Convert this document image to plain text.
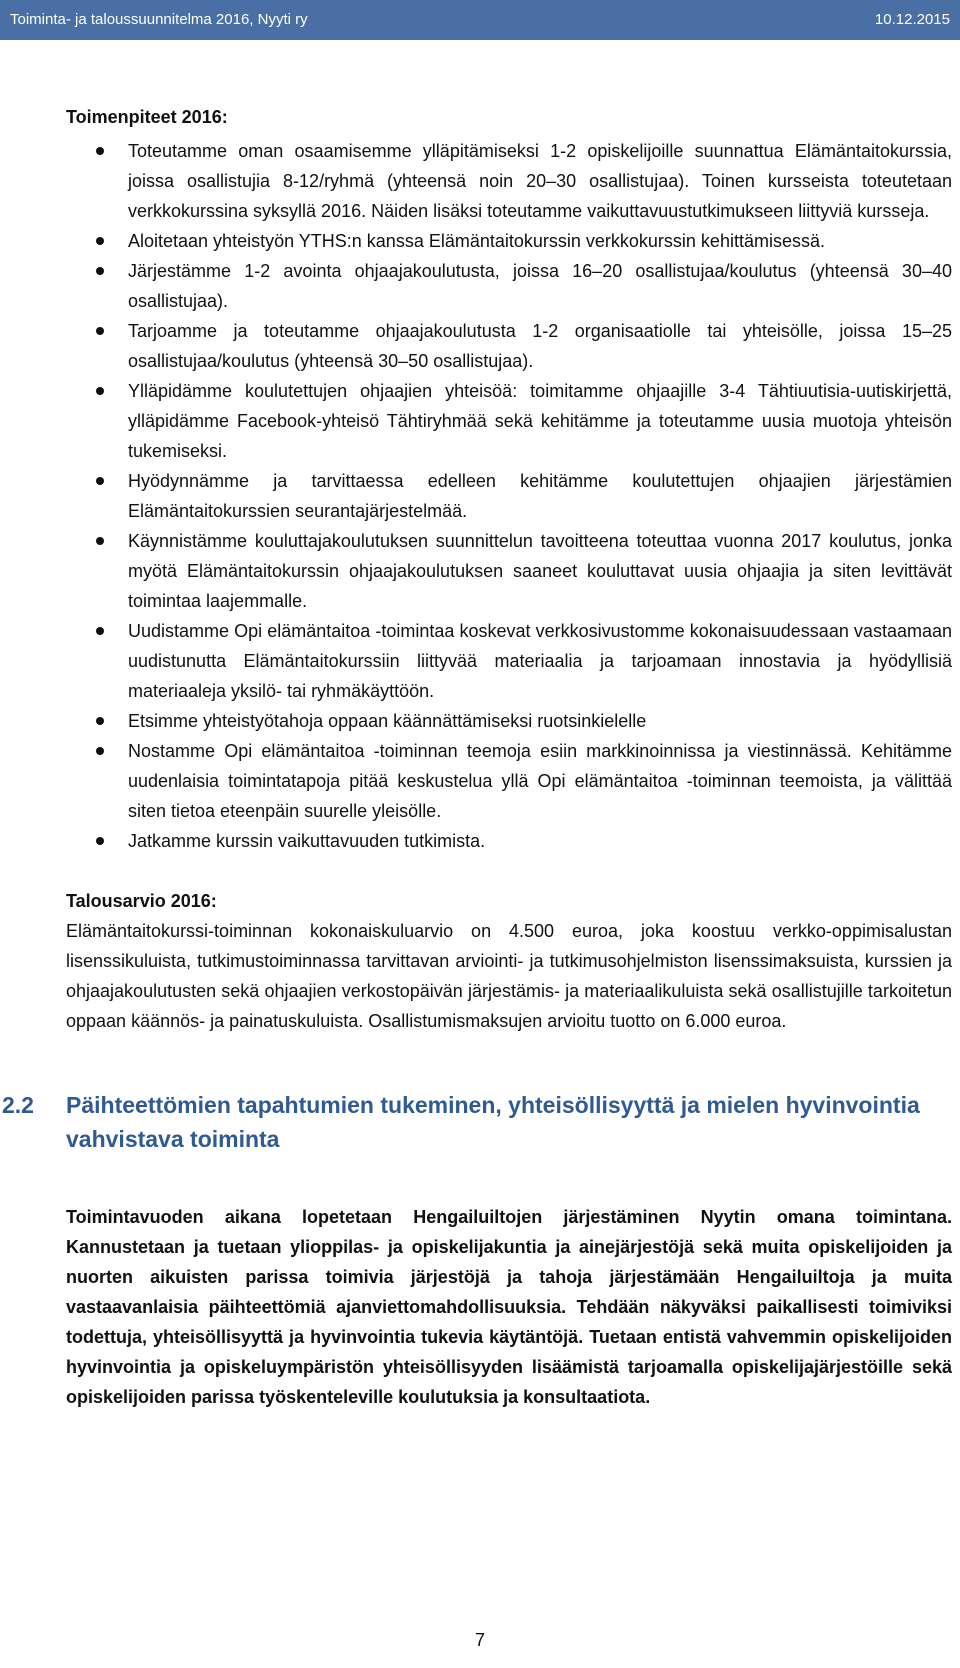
Toiminta- ja taloussuunnitelma 2016, Nyyti ry	10.12.2015

Toimenpiteet 2016:

Toteutamme oman osaamisemme ylläpitämiseksi 1-2 opiskelijoille suunnattua Elämäntaitokurssia, joissa osallistujia 8-12/ryhmä (yhteensä noin 20–30 osallistujaa). Toinen kursseista toteutetaan verkkokurssina syksyllä 2016. Näiden lisäksi toteutamme vaikuttavuustutkimukseen liittyviä kursseja.
Aloitetaan yhteistyön YTHS:n kanssa Elämäntaitokurssin verkkokurssin kehittämisessä.
Järjestämme 1-2 avointa ohjaajakoulutusta, joissa 16–20 osallistujaa/koulutus (yhteensä 30–40 osallistujaa).
Tarjoamme ja toteutamme ohjaajakoulutusta 1-2 organisaatiolle tai yhteisölle, joissa 15–25 osallistujaa/koulutus (yhteensä 30–50 osallistujaa).
Ylläpidämme koulutettujen ohjaajien yhteisöä: toimitamme ohjaajille 3-4 Tähtiuutisia-uutiskirjettä, ylläpidämme Facebook-yhteisö Tähtiryhmää sekä kehitämme ja toteutamme uusia muotoja yhteisön tukemiseksi.
Hyödynnämme ja tarvittaessa edelleen kehitämme koulutettujen ohjaajien järjestämien Elämäntaitokurssien seurantajärjestelmää.
Käynnistämme kouluttajakoulutuksen suunnittelun tavoitteena toteuttaa vuonna 2017 koulutus, jonka myötä Elämäntaitokurssin ohjaajakoulutuksen saaneet kouluttavat uusia ohjaajia ja siten levittävät toimintaa laajemmalle.
Uudistamme Opi elämäntaitoa -toimintaa koskevat verkkosivustomme kokonaisuudessaan vastaamaan uudistunutta Elämäntaitokurssiin liittyvää materiaalia ja tarjoamaan innostavia ja hyödyllisiä materiaaleja yksilö- tai ryhmäkäyttöön.
Etsimme yhteistyötahoja oppaan käännättämiseksi ruotsinkielelle
Nostamme Opi elämäntaitoa -toiminnan teemoja esiin markkinoinnissa ja viestinnässä. Kehitämme uudenlaisia toimintatapoja pitää keskustelua yllä Opi elämäntaitoa -toiminnan teemoista, ja välittää siten tietoa eteenpäin suurelle yleisölle.
Jatkamme kurssin vaikuttavuuden tutkimista.

Talousarvio 2016:

Elämäntaitokurssi-toiminnan kokonaiskuluarvio on 4.500 euroa, joka koostuu verkko-oppimisalustan lisenssikuluista, tutkimustoiminnassa tarvittavan arviointi- ja tutkimusohjelmiston lisenssimaksuista, kurssien ja ohjaajakoulutusten sekä ohjaajien verkostopäivän järjestämis- ja materiaalikuluista sekä osallistujille tarkoitetun oppaan käännös- ja painatuskuluista. Osallistumismaksujen arvioitu tuotto on 6.000 euroa.

2.2 Päihteettömien tapahtumien tukeminen, yhteisöllisyyttä ja mielen hyvinvointia vahvistava toiminta

Toimintavuoden aikana lopetetaan Hengailuiltojen järjestäminen Nyytin omana toimintana. Kannustetaan ja tuetaan ylioppilas- ja opiskelijakuntia ja ainejärjestöjä sekä muita opiskelijoiden ja nuorten aikuisten parissa toimivia järjestöjä ja tahoja järjestämään Hengailuiltoja ja muita vastaavanlaisia päihteettömiä ajanviettomahdollisuuksia. Tehdään näkyväksi paikallisesti toimiviksi todettuja, yhteisöllisyyttä ja hyvinvointia tukevia käytäntöjä. Tuetaan entistä vahvemmin opiskelijoiden hyvinvointia ja opiskeluympäristön yhteisöllisyyden lisäämistä tarjoamalla opiskelijajärjestöille sekä opiskelijoiden parissa työskenteleville koulutuksia ja konsultaatiota.

7
